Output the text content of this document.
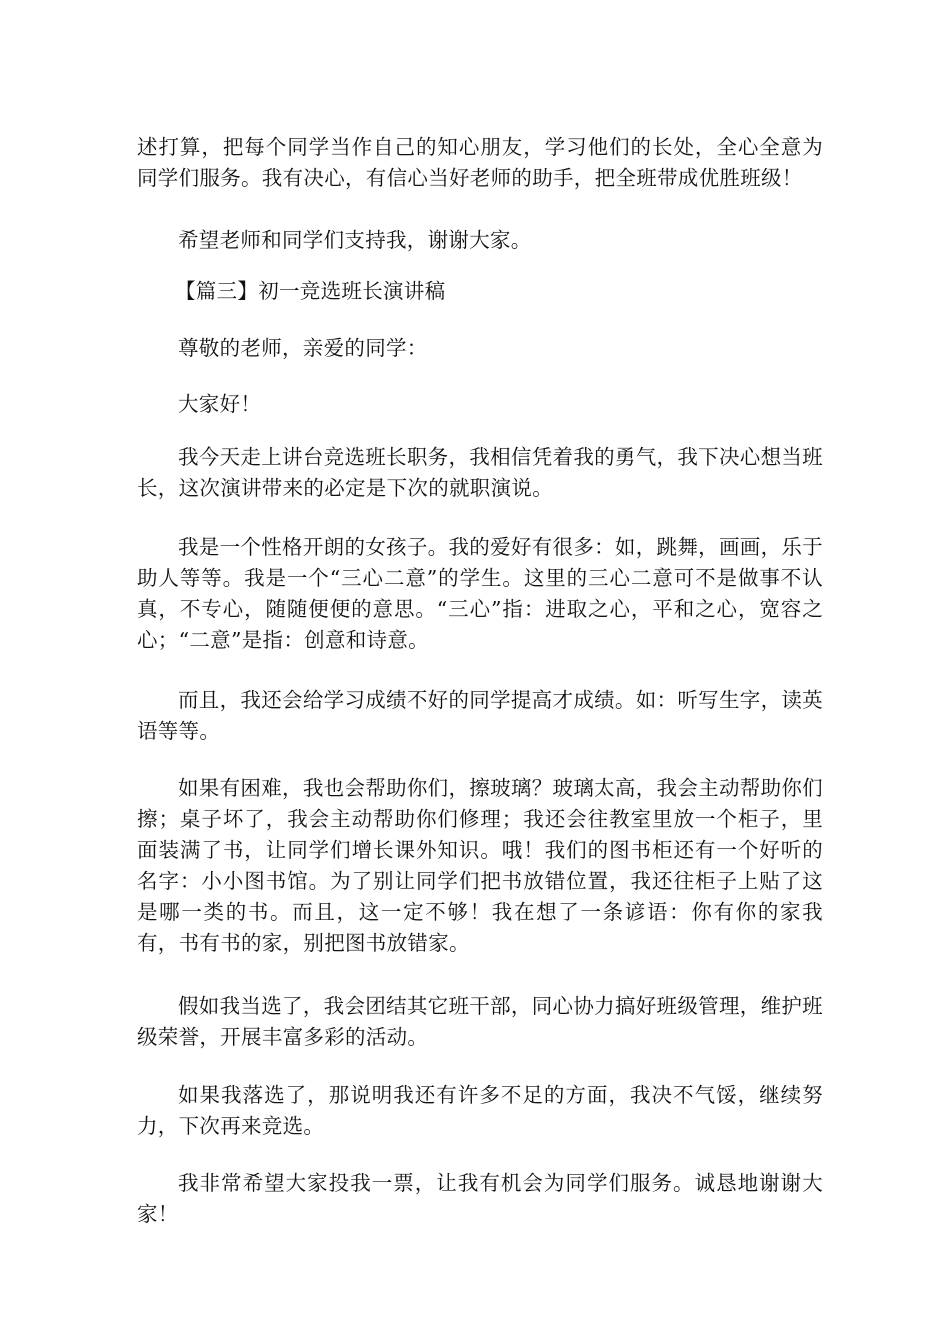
述打算，把每个同学当作自己的知心朋友，学习他们的长处，全心全意为同学们服务。我有决心，有信心当好老师的助手，把全班带成优胜班级！

希望老师和同学们支持我，谢谢大家。

【篇三】初一竞选班长演讲稿

尊敬的老师，亲爱的同学：

大家好！

我今天走上讲台竞选班长职务，我相信凭着我的勇气，我下决心想当班长，这次演讲带来的必定是下次的就职演说。

我是一个性格开朗的女孩子。我的爱好有很多：如，跳舞，画画，乐于助人等等。我是一个“三心二意”的学生。这里的三心二意可不是做事不认真，不专心，随随便便的意思。“三心”指：进取之心，平和之心，宽容之心；“二意”是指：创意和诗意。

而且，我还会给学习成绩不好的同学提高才成绩。如：听写生字，读英语等等。

如果有困难，我也会帮助你们，擦玻璃？玻璃太高，我会主动帮助你们擦；桌子坏了，我会主动帮助你们修理；我还会往教室里放一个柜子，里面装满了书，让同学们增长课外知识。哦！我们的图书柜还有一个好听的名字：小小图书馆。为了别让同学们把书放错位置，我还往柜子上贴了这是哪一类的书。而且，这一定不够！我在想了一条谚语：你有你的家我有，书有书的家，别把图书放错家。

假如我当选了，我会团结其它班干部，同心协力搞好班级管理，维护班级荣誉，开展丰富多彩的活动。

如果我落选了，那说明我还有许多不足的方面，我决不气馁，继续努力，下次再来竞选。

我非常希望大家投我一票，让我有机会为同学们服务。诚恳地谢谢大家！
